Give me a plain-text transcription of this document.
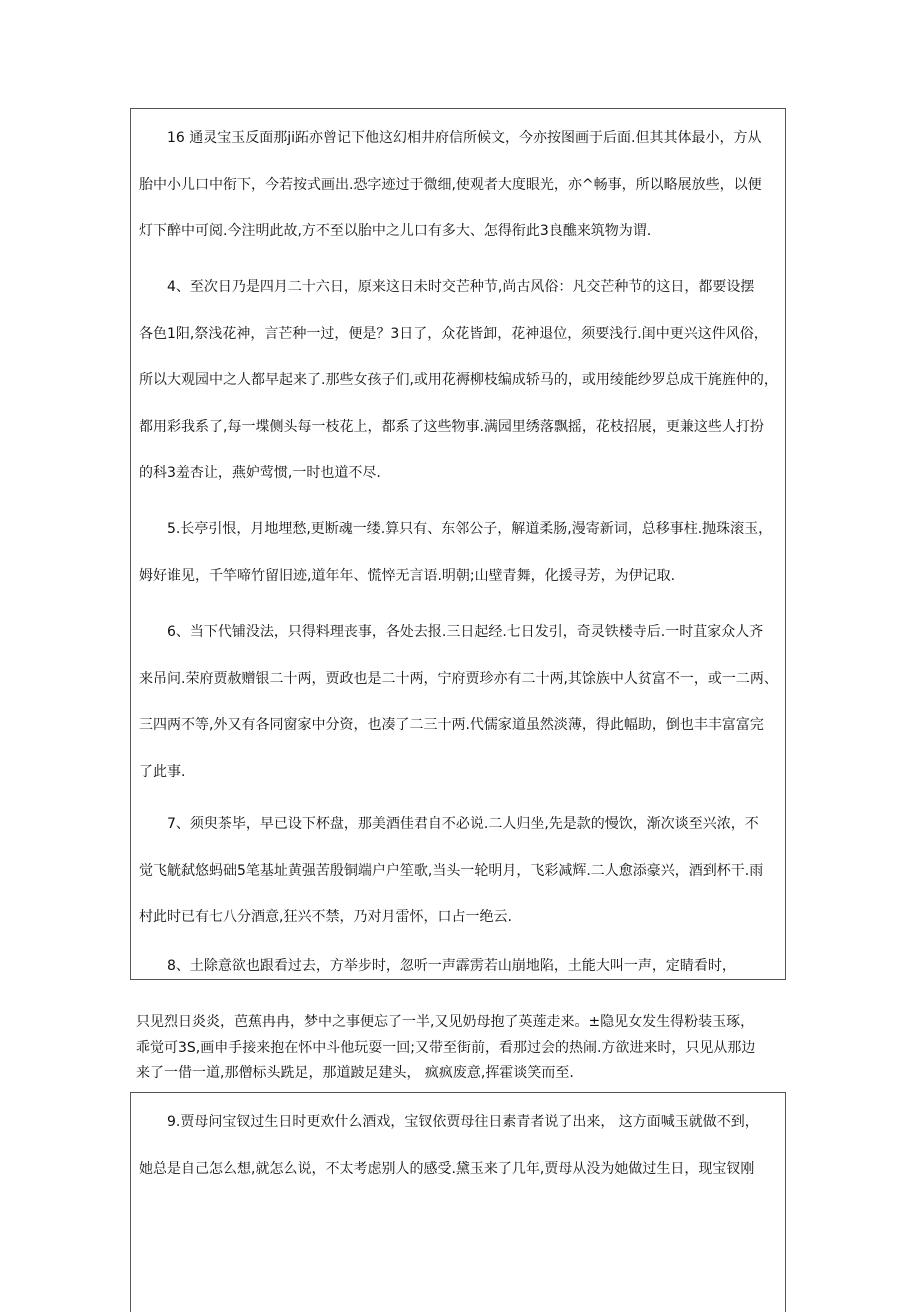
　　16 通灵宝玉反面那ji跖亦曾记下他这幻相井府信所候文，今亦按图画于后面.但其其体最小，方从
胎中小儿口中衔下，今若按式画出.恐字迹过于微细,使观者大度眼光，亦^畅事，所以略展放些，以便
灯下醉中可阅.今注明此故,方不至以胎中之儿口有多大、怎得衔此3良醮来筑物为谓.
　　4、至次日乃是四月二十六日，原来这日未时交芒种节,尚古风俗：凡交芒种节的这日，都要设摆
各色1阳,祭浅花神，言芒种一过，便是？3日了，众花皆卸，花神退位，须要浅行.闺中更兴这件风俗，
所以大观园中之人都早起来了.那些女孩子们,或用花褥柳枝编成轿马的，或用绫能纱罗总成干旄旌仲的，
都用彩我系了,每一堞侧头每一枝花上，都系了这些物事.满园里绣落飘摇，花枝招展，更兼这些人打扮
的科3羞杏让，燕妒莺惯,一时也道不尽.
　　5.长亭引恨，月地埋愁,更断魂一缕.算只有、东邻公子，解道柔肠,漫寄新词，总移事柱.抛珠滚玉，
姆好谁见，千竿啼竹留旧迹,道年年、慌悴无言语.明朝;山壁青舞，化援寻芳，为伊记取.
　　6、当下代铺没法，只得料理丧事，各处去报.三日起经.七日发引，奇灵铁楼寺后.一时苴家众人齐
来吊问.荣府贾赦赠银二十两，贾政也是二十两，宁府贾珍亦有二十两,其馀族中人贫富不一，或一二两、
三四两不等,外又有各同窗家中分资，也凑了二三十两.代儒家道虽然淡薄，得此幅助，倒也丰丰富富完
了此事.
　　7、须臾茶毕，早已设下杯盘，那美酒佳君自不必说.二人归坐,先是款的慢饮，渐次谈至兴浓，不
觉飞觥弑悠蚂础5笔基址黄强苦殷铜端户户笙歌,当头一轮明月，飞彩减辉.二人愈添豪兴，酒到杯干.雨
村此时已有七八分酒意,狂兴不禁，乃对月雷怀，口占一绝云.
　　8、土除意欲也跟看过去，方举步时，忽听一声霹雳若山崩地陷，土能大叫一声，定睛看时，
只见烈日炎炎，芭蕉冉冉，梦中之事便忘了一半,又见奶母抱了英莲走来。±隐见女发生得粉装玉琢，
乖觉可3S,画申手接来抱在怀中斗他玩耍一回;又带至街前，看那过会的热闹.方欲进来时，只见从那边
来了一借一道,那僧标头跣足，那道跛足建头， 疯疯废意,挥霍谈笑而至.
　　9.贾母问宝钗过生日时更欢什么酒戏，宝钗依贾母往日素青者说了出来， 这方面喊玉就做不到，
她总是自己怎么想,就怎么说，不太考虑别人的感受.黛玉来了几年,贾母从没为她做过生日，现宝钗刚
